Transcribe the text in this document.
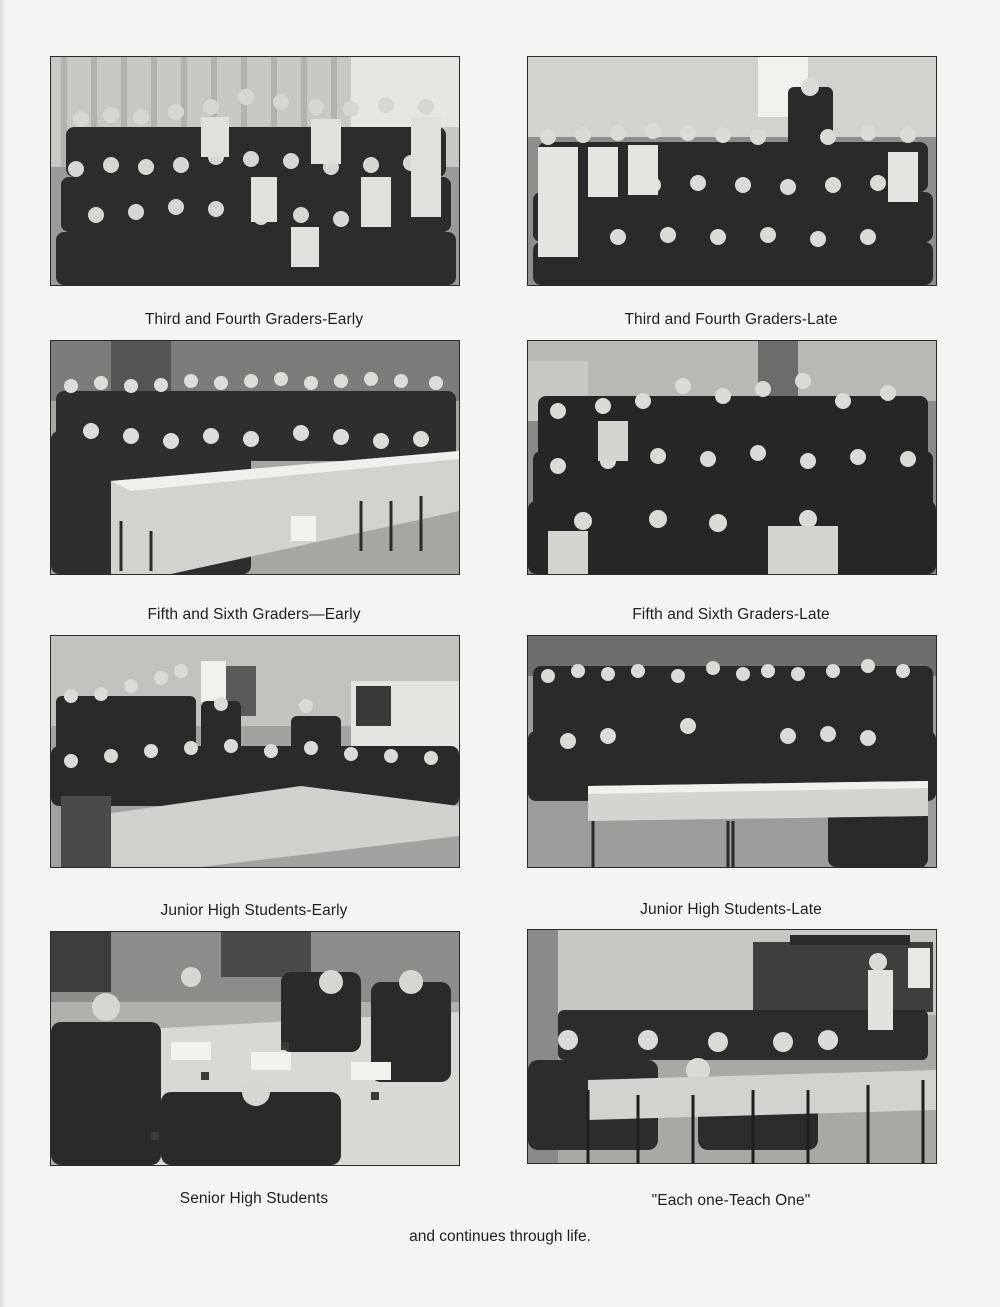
Third and Fourth Graders-Early	Third and Fourth Graders-Late
Fifth and Sixth Graders—Early	Fifth and Sixth Graders-Late
Junior High Students-Early	Junior High Students-Late
Senior High Students	"Each one-Teach One"
and continues through life.
